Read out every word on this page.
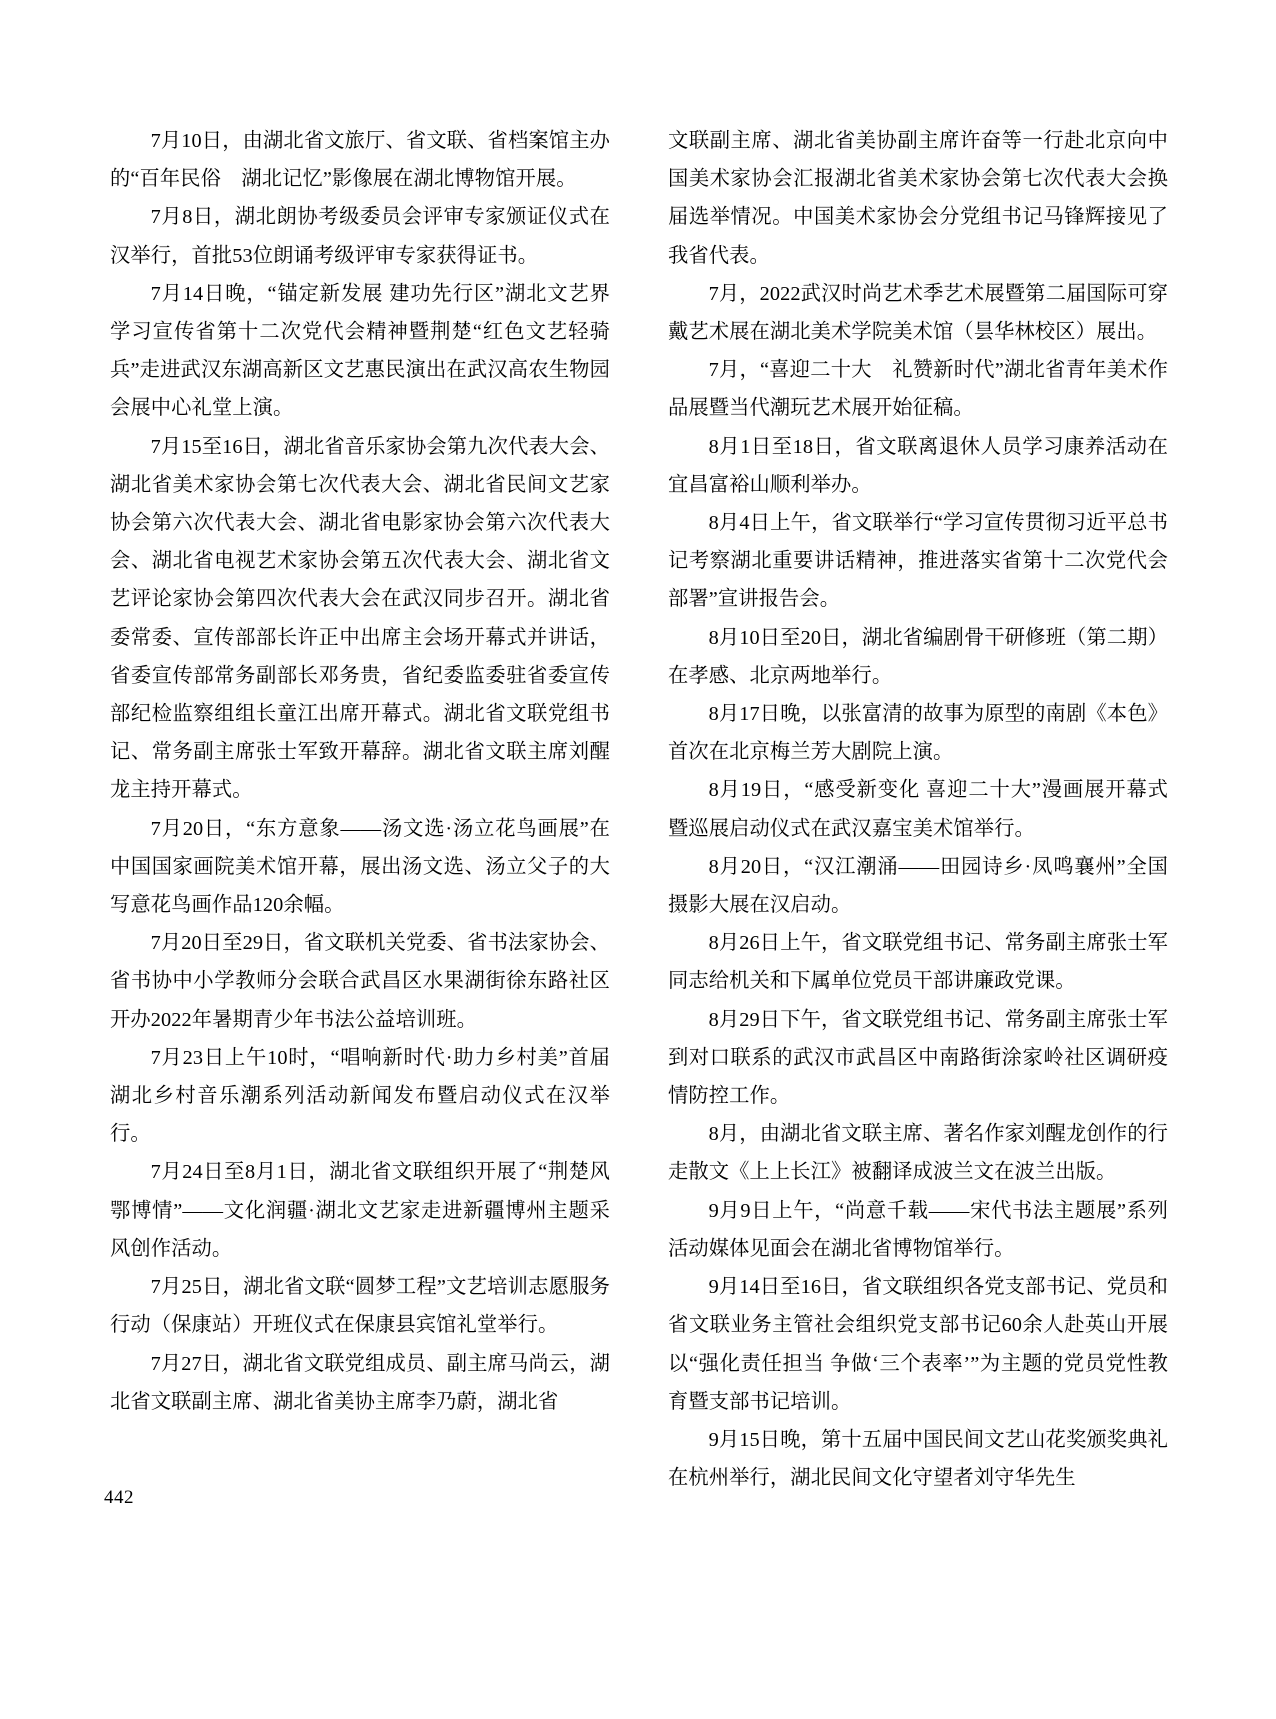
7月10日，由湖北省文旅厅、省文联、省档案馆主办的“百年民俗　湖北记忆”影像展在湖北博物馆开展。

7月8日，湖北朗协考级委员会评审专家颁证仪式在汉举行，首批53位朗诵考级评审专家获得证书。

7月14日晚，“锚定新发展 建功先行区”湖北文艺界学习宣传省第十二次党代会精神暨荆楚“红色文艺轻骑兵”走进武汉东湖高新区文艺惠民演出在武汉高农生物园会展中心礼堂上演。

7月15至16日，湖北省音乐家协会第九次代表大会、湖北省美术家协会第七次代表大会、湖北省民间文艺家协会第六次代表大会、湖北省电影家协会第六次代表大会、湖北省电视艺术家协会第五次代表大会、湖北省文艺评论家协会第四次代表大会在武汉同步召开。湖北省委常委、宣传部部长许正中出席主会场开幕式并讲话，省委宣传部常务副部长邓务贵，省纪委监委驻省委宣传部纪检监察组组长童江出席开幕式。湖北省文联党组书记、常务副主席张士军致开幕辞。湖北省文联主席刘醒龙主持开幕式。

7月20日，“东方意象——汤文选·汤立花鸟画展”在中国国家画院美术馆开幕，展出汤文选、汤立父子的大写意花鸟画作品120余幅。

7月20日至29日，省文联机关党委、省书法家协会、省书协中小学教师分会联合武昌区水果湖街徐东路社区开办2022年暑期青少年书法公益培训班。

7月23日上午10时，“唱响新时代·助力乡村美”首届湖北乡村音乐潮系列活动新闻发布暨启动仪式在汉举行。

7月24日至8月1日，湖北省文联组织开展了“荆楚风　鄂博情”——文化润疆·湖北文艺家走进新疆博州主题采风创作活动。

7月25日，湖北省文联“圆梦工程”文艺培训志愿服务行动（保康站）开班仪式在保康县宾馆礼堂举行。

7月27日，湖北省文联党组成员、副主席马尚云，湖北省文联副主席、湖北省美协主席李乃蔚，湖北省

文联副主席、湖北省美协副主席许奋等一行赴北京向中国美术家协会汇报湖北省美术家协会第七次代表大会换届选举情况。中国美术家协会分党组书记马锋辉接见了我省代表。

7月，2022武汉时尚艺术季艺术展暨第二届国际可穿戴艺术展在湖北美术学院美术馆（昙华林校区）展出。

7月，“喜迎二十大　礼赞新时代”湖北省青年美术作品展暨当代潮玩艺术展开始征稿。

8月1日至18日，省文联离退休人员学习康养活动在宜昌富裕山顺利举办。

8月4日上午，省文联举行“学习宣传贯彻习近平总书记考察湖北重要讲话精神，推进落实省第十二次党代会部署”宣讲报告会。

8月10日至20日，湖北省编剧骨干研修班（第二期）在孝感、北京两地举行。

8月17日晚，以张富清的故事为原型的南剧《本色》首次在北京梅兰芳大剧院上演。

8月19日，“感受新变化 喜迎二十大”漫画展开幕式暨巡展启动仪式在武汉嘉宝美术馆举行。

8月20日，“汉江潮涌——田园诗乡·凤鸣襄州”全国摄影大展在汉启动。

8月26日上午，省文联党组书记、常务副主席张士军同志给机关和下属单位党员干部讲廉政党课。

8月29日下午，省文联党组书记、常务副主席张士军到对口联系的武汉市武昌区中南路街涂家岭社区调研疫情防控工作。

8月，由湖北省文联主席、著名作家刘醒龙创作的行走散文《上上长江》被翻译成波兰文在波兰出版。

9月9日上午，“尚意千载——宋代书法主题展”系列活动媒体见面会在湖北省博物馆举行。

9月14日至16日，省文联组织各党支部书记、党员和省文联业务主管社会组织党支部书记60余人赴英山开展以“强化责任担当 争做‘三个表率’”为主题的党员党性教育暨支部书记培训。

9月15日晚，第十五届中国民间文艺山花奖颁奖典礼在杭州举行，湖北民间文化守望者刘守华先生

442
